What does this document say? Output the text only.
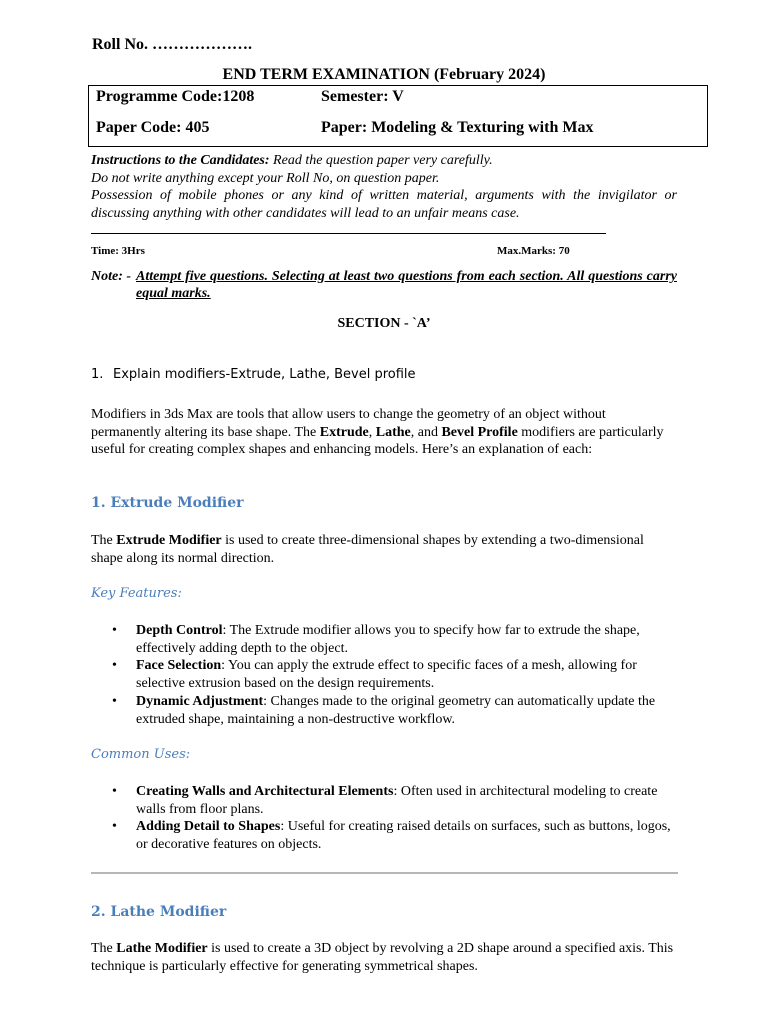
Roll No. ……………….
END TERM EXAMINATION (February 2024)
Programme Code:1208	Semester: V
Paper Code: 405	Paper: Modeling & Texturing with Max
Instructions to the Candidates: Read the question paper very carefully.
Do not write anything except your Roll No, on question paper.
Possession of mobile phones or any kind of written material, arguments with the invigilator or discussing anything with other candidates will lead to an unfair means case.
Time: 3Hrs	Max.Marks: 70
Note: - Attempt five questions. Selecting at least two questions from each section. All questions carry equal marks.
SECTION - `A’
1. Explain modifiers-Extrude, Lathe, Bevel profile
Modifiers in 3ds Max are tools that allow users to change the geometry of an object without permanently altering its base shape. The Extrude, Lathe, and Bevel Profile modifiers are particularly useful for creating complex shapes and enhancing models. Here’s an explanation of each:
1. Extrude Modifier
The Extrude Modifier is used to create three-dimensional shapes by extending a two-dimensional shape along its normal direction.
Key Features:
• Depth Control: The Extrude modifier allows you to specify how far to extrude the shape, effectively adding depth to the object.
• Face Selection: You can apply the extrude effect to specific faces of a mesh, allowing for selective extrusion based on the design requirements.
• Dynamic Adjustment: Changes made to the original geometry can automatically update the extruded shape, maintaining a non-destructive workflow.
Common Uses:
• Creating Walls and Architectural Elements: Often used in architectural modeling to create walls from floor plans.
• Adding Detail to Shapes: Useful for creating raised details on surfaces, such as buttons, logos, or decorative features on objects.
2. Lathe Modifier
The Lathe Modifier is used to create a 3D object by revolving a 2D shape around a specified axis. This technique is particularly effective for generating symmetrical shapes.
